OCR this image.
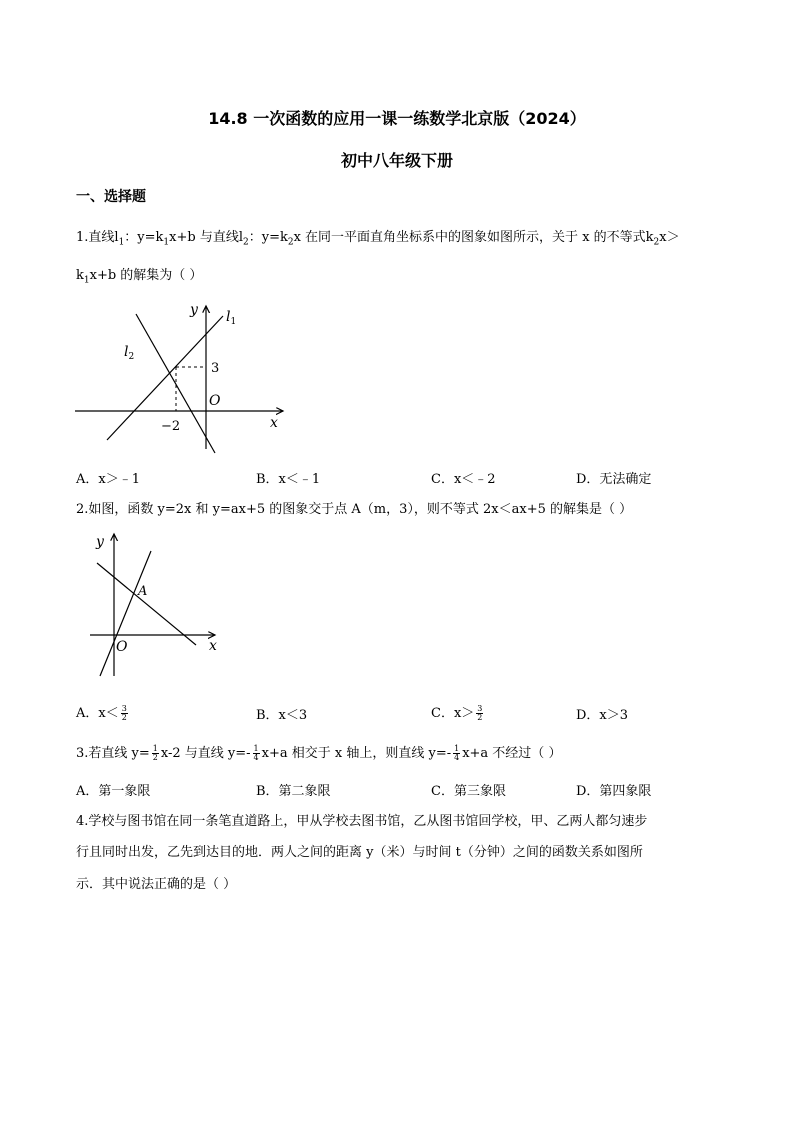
14.8 一次函数的应用一课一练数学北京版（2024）
初中八年级下册
一、选择题
1.直线$l_1$：$y=k_1x+b$ 与直线$l_2$：$y=k_2x$ 在同一平面直角坐标系中的图象如图所示，关于 x 的不等式$k_2x>$
$k_1x+b$ 的解集为（ ）
y
x
$l_1$
$l_2$
3
−2
O
A．x＞﹣1	B．x＜﹣1	C．x＜﹣2	D．无法确定
2.如图，函数 y=2x 和 y=ax+5 的图象交于点 A（m，3），则不等式 2x＜ax+5 的解集是（ ）
y
x
A
O
A．$x< \frac{3}{2}$	B．x＜3	C．$x> \frac{3}{2}$	D．x＞3
3.若直线 $y= \frac{1}{2} x-2$ 与直线 $y=- \frac{1}{4} x+a$ 相交于 x 轴上，则直线 $y=- \frac{1}{4} x+a$ 不经过（ ）
A．第一象限	B．第二象限	C．第三象限	D．第四象限
4.学校与图书馆在同一条笔直道路上，甲从学校去图书馆，乙从图书馆回学校，甲、乙两人都匀速步
行且同时出发，乙先到达目的地．两人之间的距离 y（米）与时间 t（分钟）之间的函数关系如图所
示．其中说法正确的是（ ）
